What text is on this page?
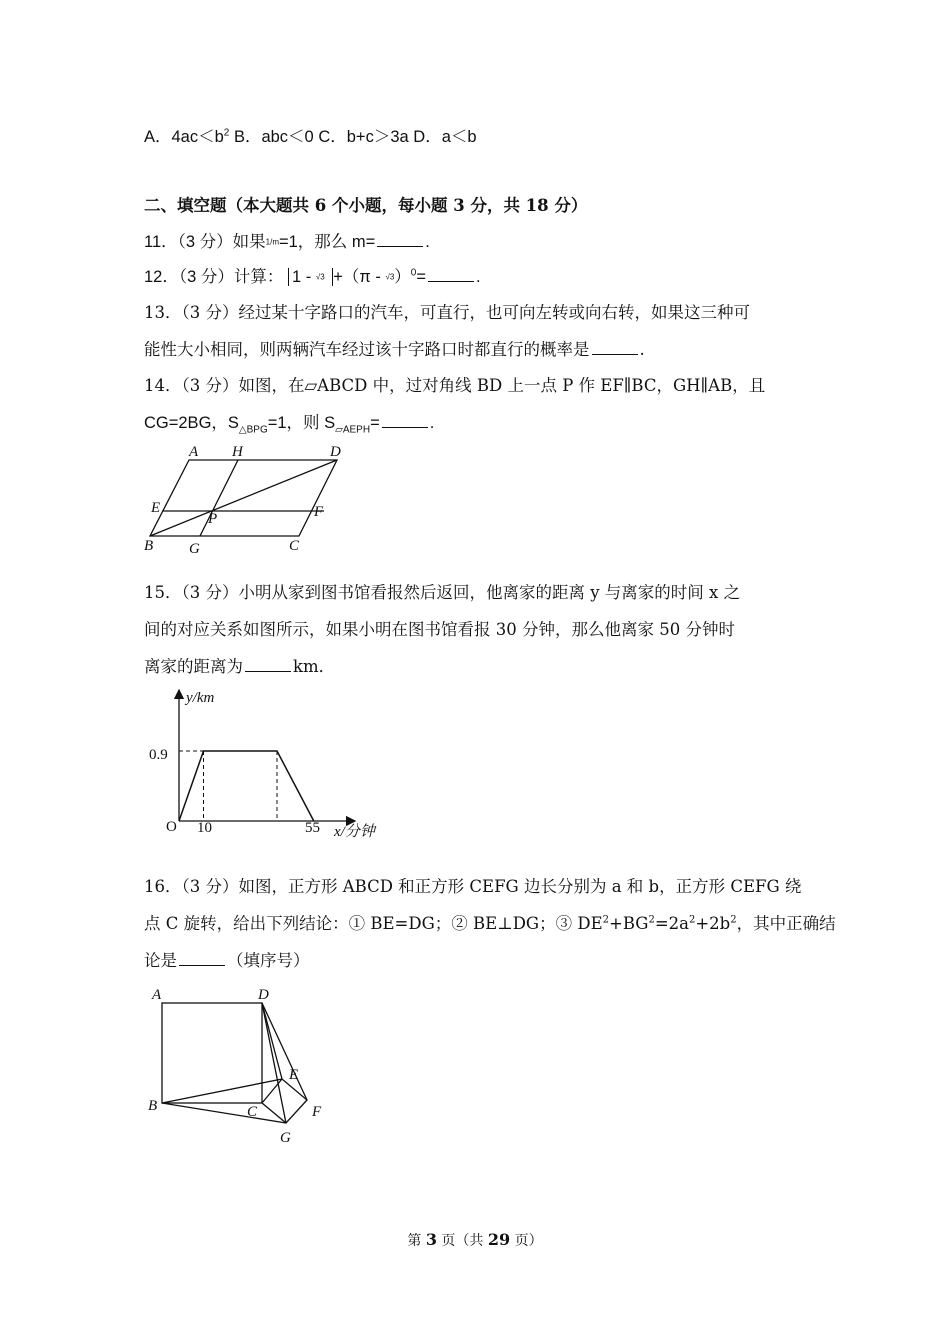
A．$4ac<b^2$ B．abc＜0 C．b+c＞3a D．a＜b
二、填空题（本大题共 6 个小题，每小题 3 分，共 18 分）
11．（3 分）如果1/m=1，那么 m=	.
12．（3 分）计算： 1 - √3 +（π - √3）$^0$=	.
13．（3 分）经过某十字路口的汽车，可直行，也可向左转或向右转，如果这三种可
能性大小相同，则两辆汽车经过该十字路口时都直行的概率是	.
14．（3 分）如图，在▱ABCD 中，过对角线 BD 上一点 P 作 EF∥BC，GH∥AB，且
CG=2BG，$S_{\triangle BPG}=1$，则 $S_{▱AEPH}=$	.
A H	D
E
P	F
B G	C
15．（3 分）小明从家到图书馆看报然后返回，他离家的距离 y 与离家的时间 x 之
间的对应关系如图所示，如果小明在图书馆看报 30 分钟，那么他离家 50 分钟时
离家的距离为	km．
y/km
x/分钟
0.9
O 10	55
16．（3 分）如图，正方形 ABCD 和正方形 CEFG 边长分别为 a 和 b，正方形 CEFG 绕
点 C 旋转，给出下列结论：① BE=DG；② BE⊥DG；③ $DE^2+BG^2=2a^2+2b^2$，其中正确结
论是	（填序号）
A	D
E
B	C	F
G
第 3 页（共 29 页）
